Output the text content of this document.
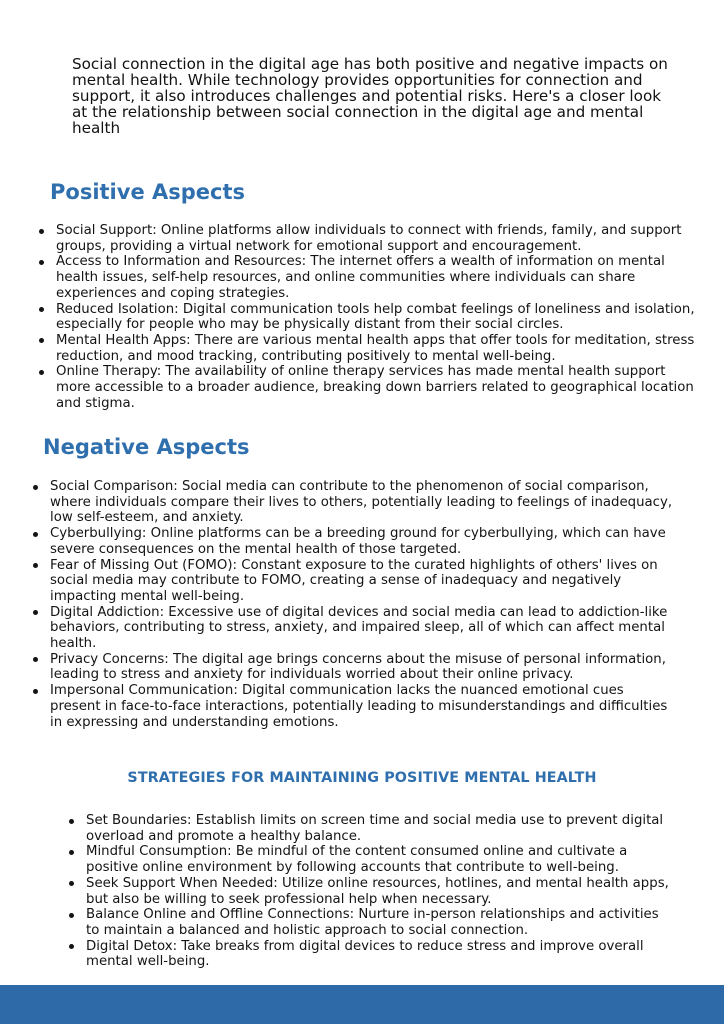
Social connection in the digital age has both positive and negative impacts on mental health. While technology provides opportunities for connection and support, it also introduces challenges and potential risks. Here's a closer look at the relationship between social connection in the digital age and mental health

Positive Aspects
Social Support: Online platforms allow individuals to connect with friends, family, and support groups, providing a virtual network for emotional support and encouragement.
Access to Information and Resources: The internet offers a wealth of information on mental health issues, self-help resources, and online communities where individuals can share experiences and coping strategies.
Reduced Isolation: Digital communication tools help combat feelings of loneliness and isolation, especially for people who may be physically distant from their social circles.
Mental Health Apps: There are various mental health apps that offer tools for meditation, stress reduction, and mood tracking, contributing positively to mental well-being.
Online Therapy: The availability of online therapy services has made mental health support more accessible to a broader audience, breaking down barriers related to geographical location and stigma.
Negative Aspects
Social Comparison: Social media can contribute to the phenomenon of social comparison, where individuals compare their lives to others, potentially leading to feelings of inadequacy, low self-esteem, and anxiety.
Cyberbullying: Online platforms can be a breeding ground for cyberbullying, which can have severe consequences on the mental health of those targeted.
Fear of Missing Out (FOMO): Constant exposure to the curated highlights of others' lives on social media may contribute to FOMO, creating a sense of inadequacy and negatively impacting mental well-being.
Digital Addiction: Excessive use of digital devices and social media can lead to addiction-like behaviors, contributing to stress, anxiety, and impaired sleep, all of which can affect mental health.
Privacy Concerns: The digital age brings concerns about the misuse of personal information, leading to stress and anxiety for individuals worried about their online privacy.
Impersonal Communication: Digital communication lacks the nuanced emotional cues present in face-to-face interactions, potentially leading to misunderstandings and difficulties in expressing and understanding emotions.
STRATEGIES FOR MAINTAINING POSITIVE MENTAL HEALTH
Set Boundaries: Establish limits on screen time and social media use to prevent digital overload and promote a healthy balance.
Mindful Consumption: Be mindful of the content consumed online and cultivate a positive online environment by following accounts that contribute to well-being.
Seek Support When Needed: Utilize online resources, hotlines, and mental health apps, but also be willing to seek professional help when necessary.
Balance Online and Offline Connections: Nurture in-person relationships and activities to maintain a balanced and holistic approach to social connection.
Digital Detox: Take breaks from digital devices to reduce stress and improve overall mental well-being.
